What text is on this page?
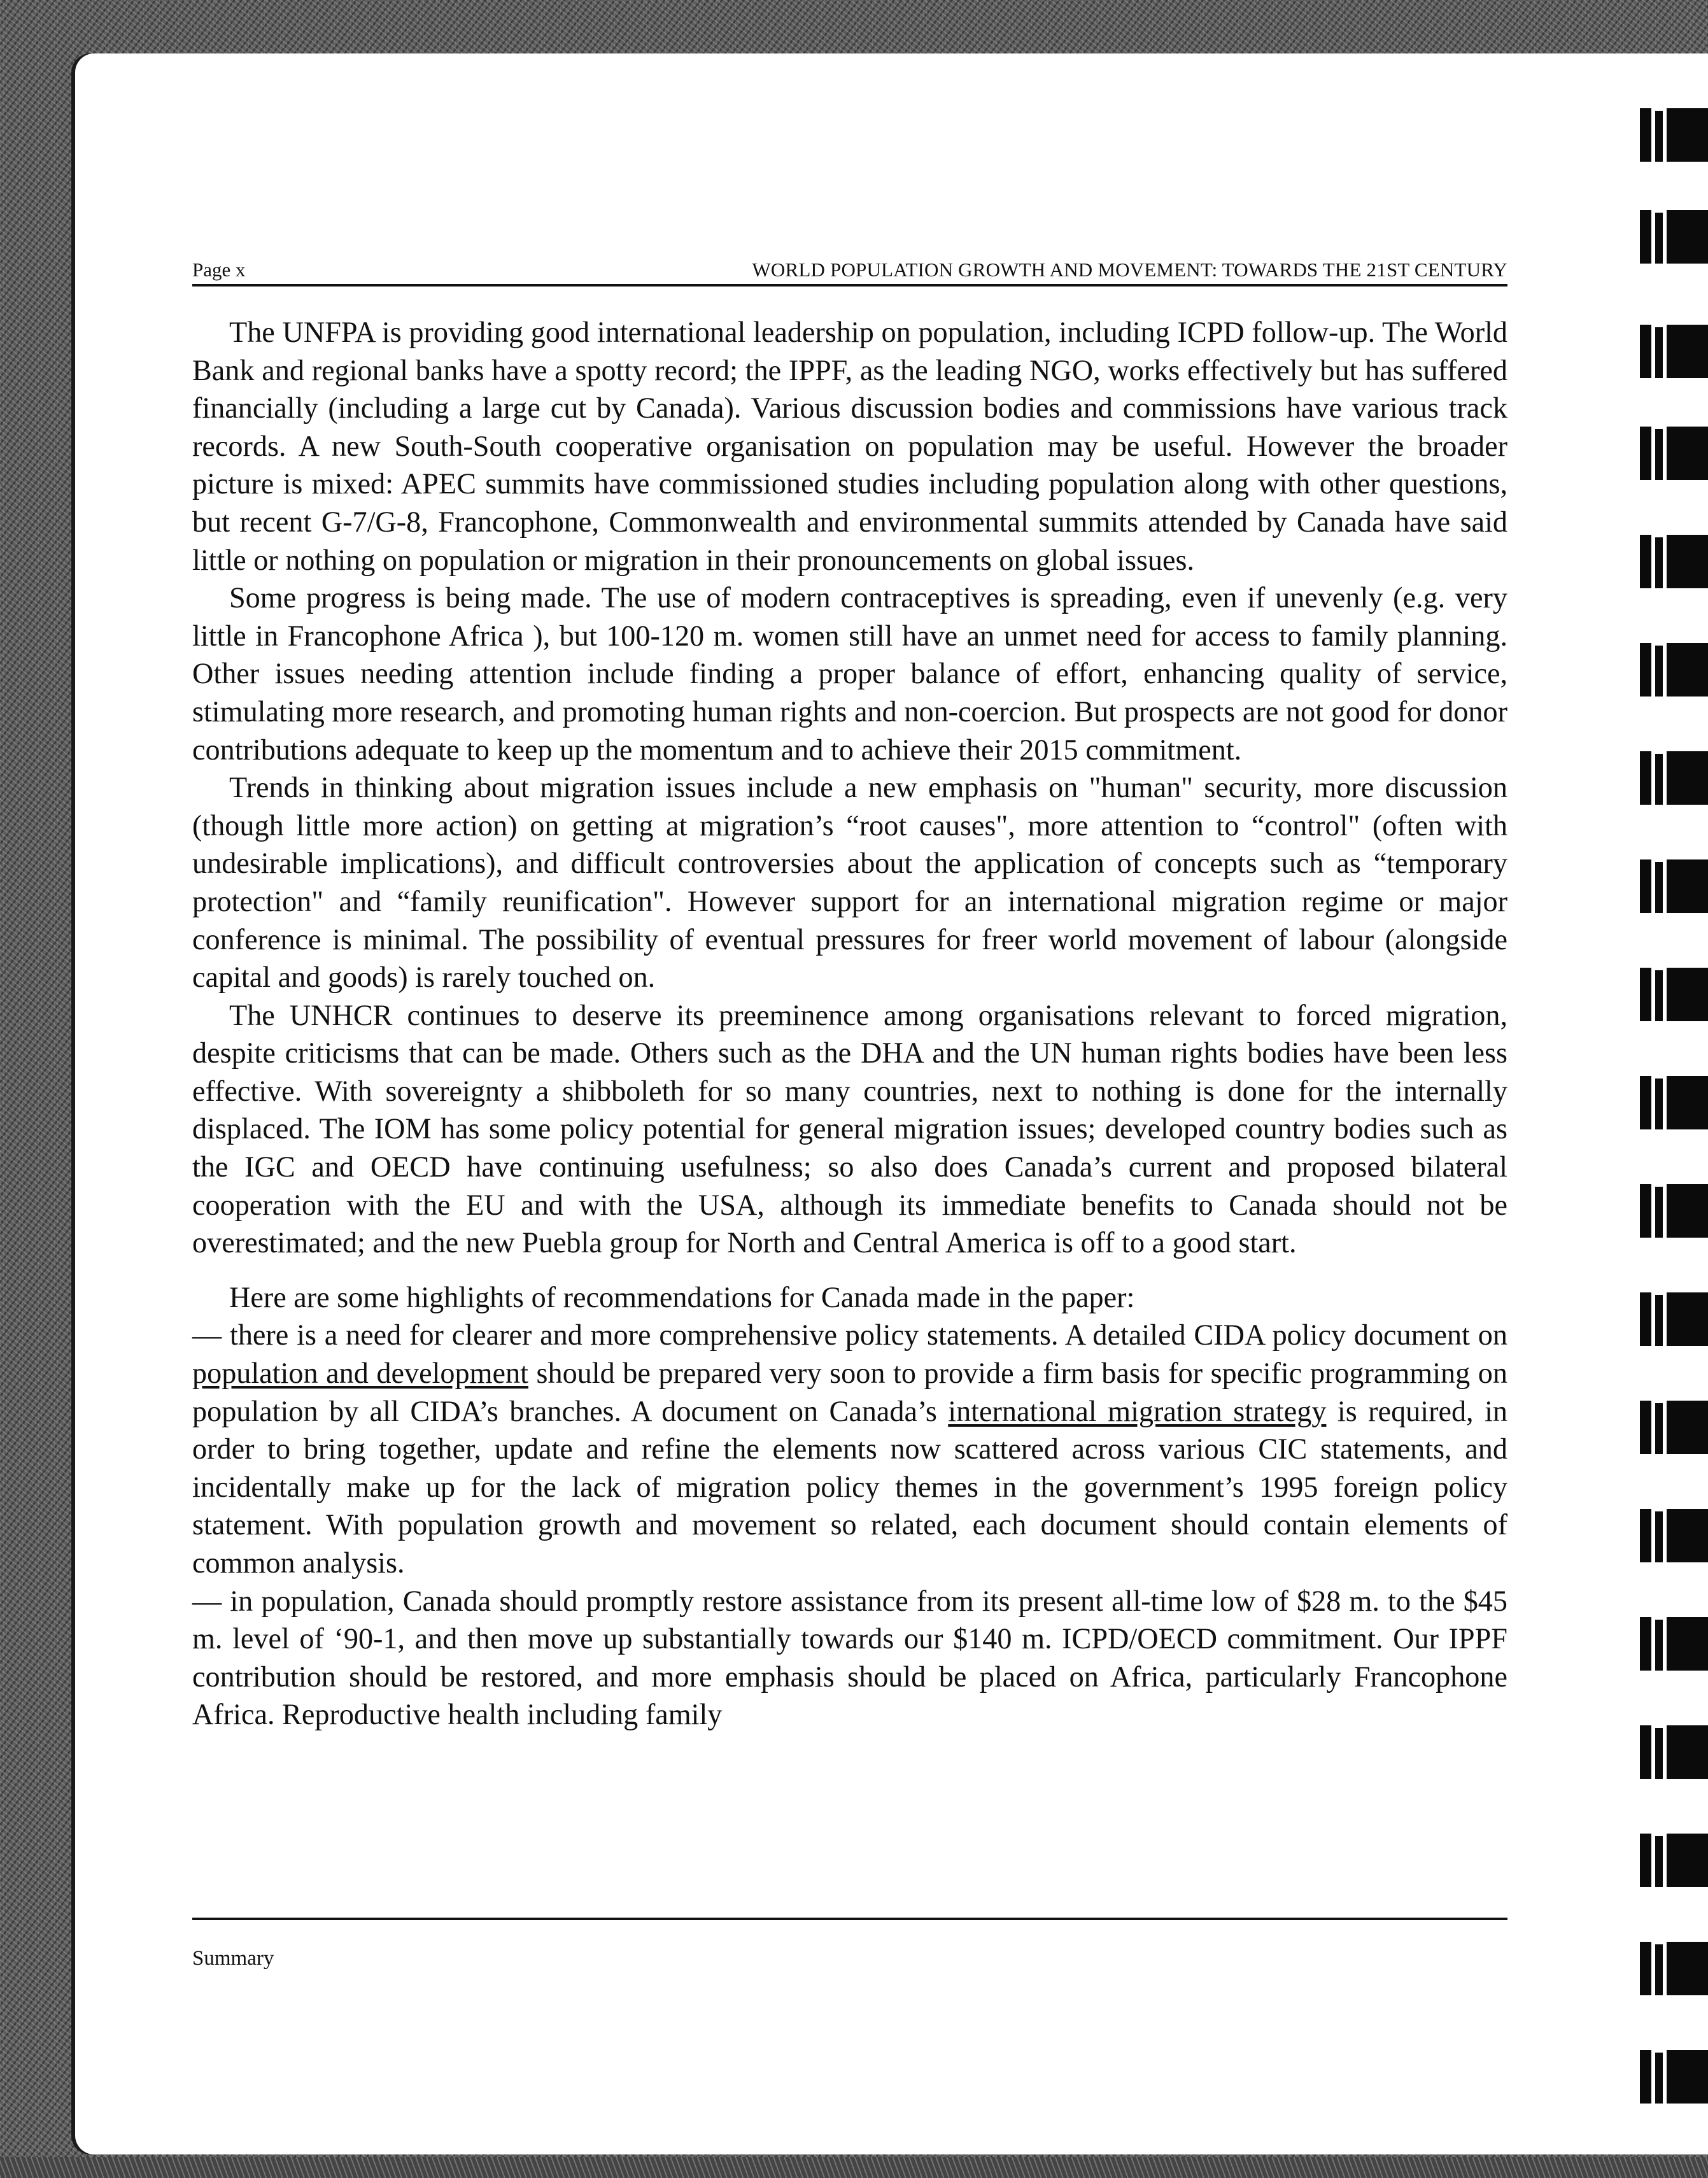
Page x	WORLD POPULATION GROWTH AND MOVEMENT: TOWARDS THE 21ST CENTURY

The UNFPA is providing good international leadership on population, including ICPD follow-up. The World Bank and regional banks have a spotty record; the IPPF, as the leading NGO, works effectively but has suffered financially (including a large cut by Canada). Various discussion bodies and commissions have various track records. A new South-South cooperative organisation on population may be useful. However the broader picture is mixed: APEC summits have commissioned studies including population along with other questions, but recent G-7/G-8, Francophone, Commonwealth and environmental summits attended by Canada have said little or nothing on population or migration in their pronouncements on global issues.

Some progress is being made. The use of modern contraceptives is spreading, even if unevenly (e.g. very little in Francophone Africa ), but 100-120 m. women still have an unmet need for access to family planning. Other issues needing attention include finding a proper balance of effort, enhancing quality of service, stimulating more research, and promoting human rights and non-coercion. But prospects are not good for donor contributions adequate to keep up the momentum and to achieve their 2015 commitment.

Trends in thinking about migration issues include a new emphasis on "human" security, more discussion (though little more action) on getting at migration’s “root causes", more attention to “control" (often with undesirable implications), and difficult controversies about the application of concepts such as “temporary protection" and “family reunification". However support for an international migration regime or major conference is minimal. The possibility of eventual pressures for freer world movement of labour (alongside capital and goods) is rarely touched on.

The UNHCR continues to deserve its preeminence among organisations relevant to forced migration, despite criticisms that can be made. Others such as the DHA and the UN human rights bodies have been less effective. With sovereignty a shibboleth for so many countries, next to nothing is done for the internally displaced. The IOM has some policy potential for general migration issues; developed country bodies such as the IGC and OECD have continuing usefulness; so also does Canada’s current and proposed bilateral cooperation with the EU and with the USA, although its immediate benefits to Canada should not be overestimated; and the new Puebla group for North and Central America is off to a good start.

Here are some highlights of recommendations for Canada made in the paper:

— there is a need for clearer and more comprehensive policy statements. A detailed CIDA policy document on population and development should be prepared very soon to provide a firm basis for specific programming on population by all CIDA’s branches. A document on Canada’s international migration strategy is required, in order to bring together, update and refine the elements now scattered across various CIC statements, and incidentally make up for the lack of migration policy themes in the government’s 1995 foreign policy statement. With population growth and movement so related, each document should contain elements of common analysis.

— in population, Canada should promptly restore assistance from its present all-time low of $28 m. to the $45 m. level of ‘90-1, and then move up substantially towards our $140 m. ICPD/OECD commitment. Our IPPF contribution should be restored, and more emphasis should be placed on Africa, particularly Francophone Africa. Reproductive health including family

Summary
